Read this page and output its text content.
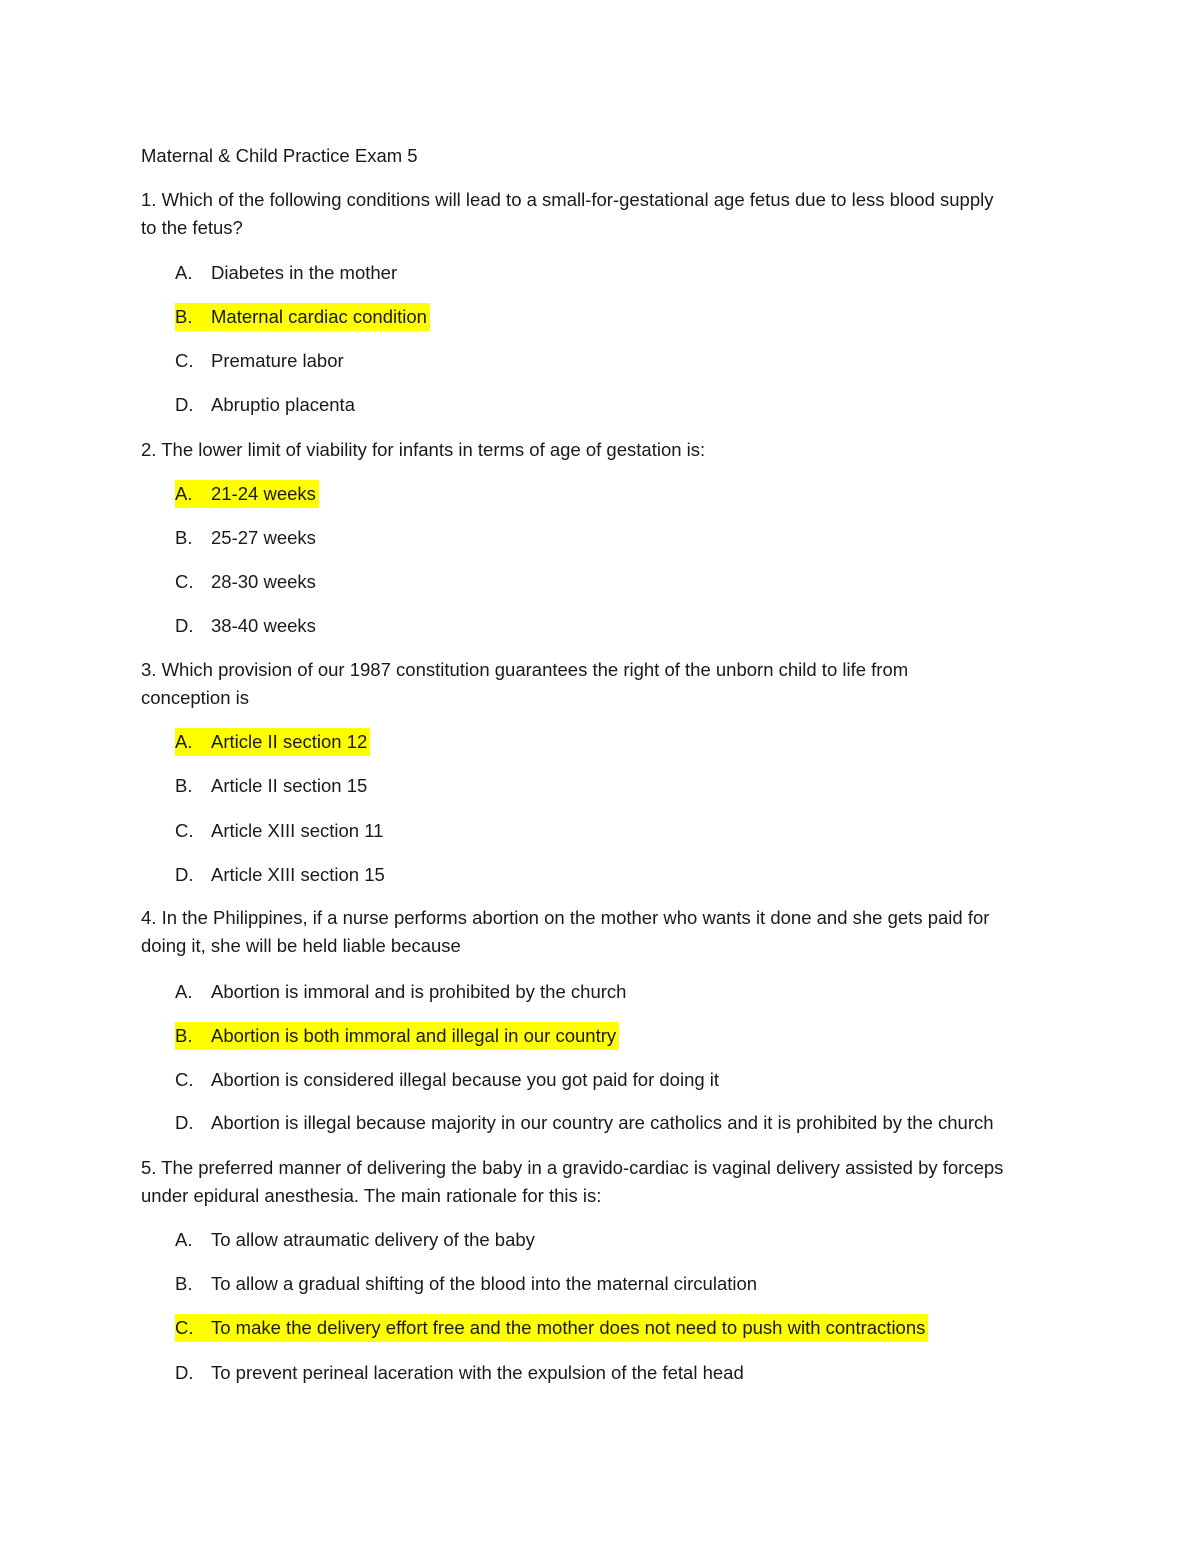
Maternal & Child Practice Exam 5
1. Which of the following conditions will lead to a small-for-gestational age fetus due to less blood supply
to the fetus?
A. Diabetes in the mother
B. Maternal cardiac condition
C. Premature labor
D. Abruptio placenta
2. The lower limit of viability for infants in terms of age of gestation is:
A. 21-24 weeks
B. 25-27 weeks
C. 28-30 weeks
D. 38-40 weeks
3. Which provision of our 1987 constitution guarantees the right of the unborn child to life from
conception is
A. Article II section 12
B. Article II section 15
C. Article XIII section 11
D. Article XIII section 15
4. In the Philippines, if a nurse performs abortion on the mother who wants it done and she gets paid for
doing it, she will be held liable because
A. Abortion is immoral and is prohibited by the church
B. Abortion is both immoral and illegal in our country
C. Abortion is considered illegal because you got paid for doing it
D. Abortion is illegal because majority in our country are catholics and it is prohibited by the church
5. The preferred manner of delivering the baby in a gravido-cardiac is vaginal delivery assisted by forceps
under epidural anesthesia. The main rationale for this is:
A. To allow atraumatic delivery of the baby
B. To allow a gradual shifting of the blood into the maternal circulation
C. To make the delivery effort free and the mother does not need to push with contractions
D. To prevent perineal laceration with the expulsion of the fetal head
